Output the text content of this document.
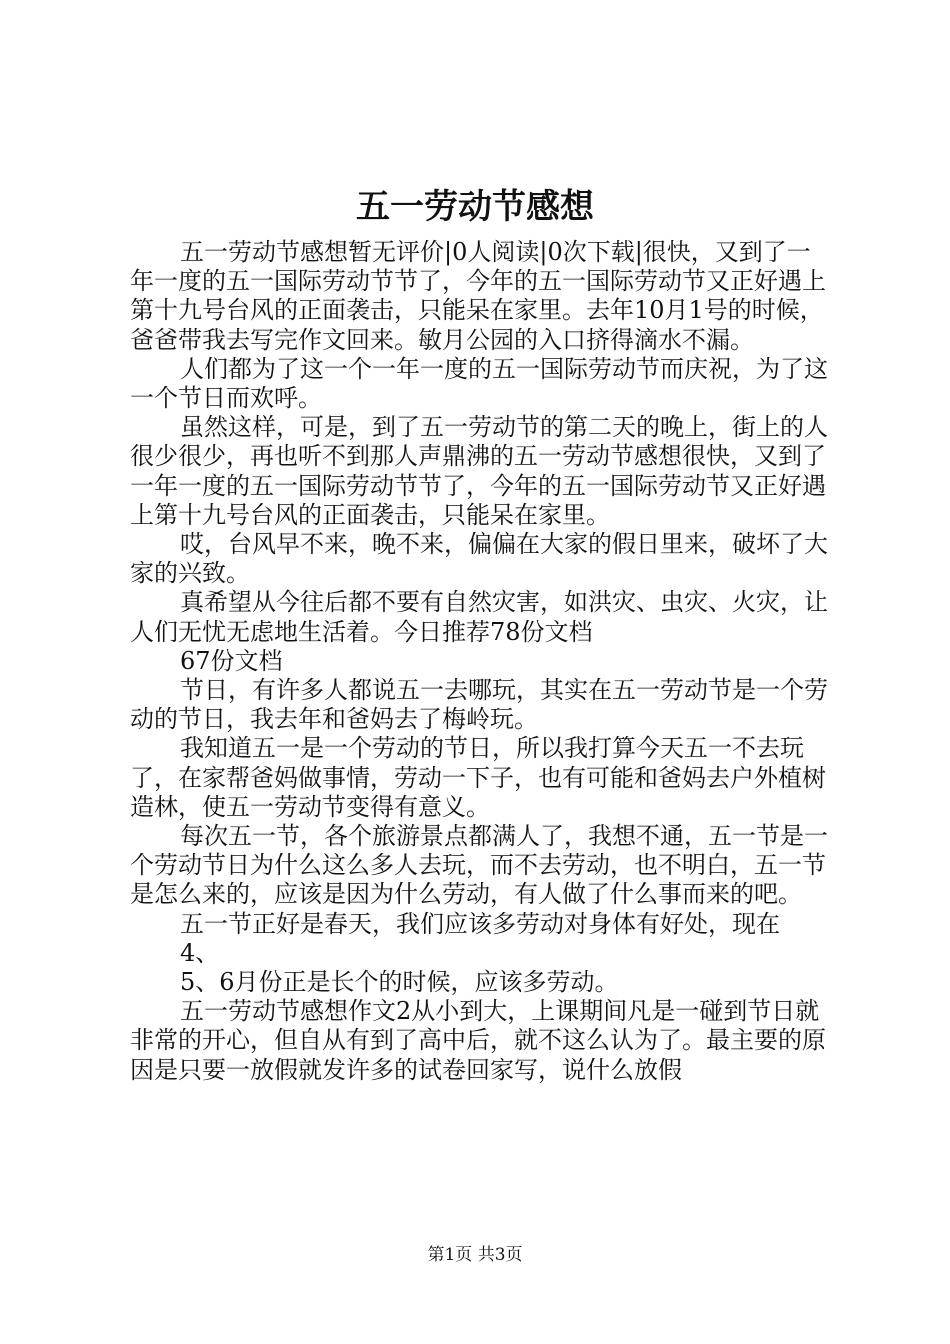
五一劳动节感想

五一劳动节感想暂无评价|0人阅读|0次下载|很快，又到了一年一度的五一国际劳动节节了，今年的五一国际劳动节又正好遇上第十九号台风的正面袭击，只能呆在家里。去年10月1号的时候，爸爸带我去写完作文回来。敏月公园的入口挤得滴水不漏。

人们都为了这一个一年一度的五一国际劳动节而庆祝，为了这一个节日而欢呼。

虽然这样，可是，到了五一劳动节的第二天的晚上，街上的人很少很少，再也听不到那人声鼎沸的五一劳动节感想很快，又到了一年一度的五一国际劳动节节了，今年的五一国际劳动节又正好遇上第十九号台风的正面袭击，只能呆在家里。

哎，台风早不来，晚不来，偏偏在大家的假日里来，破坏了大家的兴致。

真希望从今往后都不要有自然灾害，如洪灾、虫灾、火灾，让人们无忧无虑地生活着。今日推荐78份文档

67份文档

节日，有许多人都说五一去哪玩，其实在五一劳动节是一个劳动的节日，我去年和爸妈去了梅岭玩。

我知道五一是一个劳动的节日，所以我打算今天五一不去玩了，在家帮爸妈做事情，劳动一下子，也有可能和爸妈去户外植树造林，使五一劳动节变得有意义。

每次五一节，各个旅游景点都满人了，我想不通，五一节是一个劳动节日为什么这么多人去玩，而不去劳动，也不明白，五一节是怎么来的，应该是因为什么劳动，有人做了什么事而来的吧。

五一节正好是春天，我们应该多劳动对身体有好处，现在

4、

5、6月份正是长个的时候，应该多劳动。

五一劳动节感想作文2从小到大，上课期间凡是一碰到节日就非常的开心，但自从有到了高中后，就不这么认为了。最主要的原因是只要一放假就发许多的试卷回家写，说什么放假

第1页 共3页
